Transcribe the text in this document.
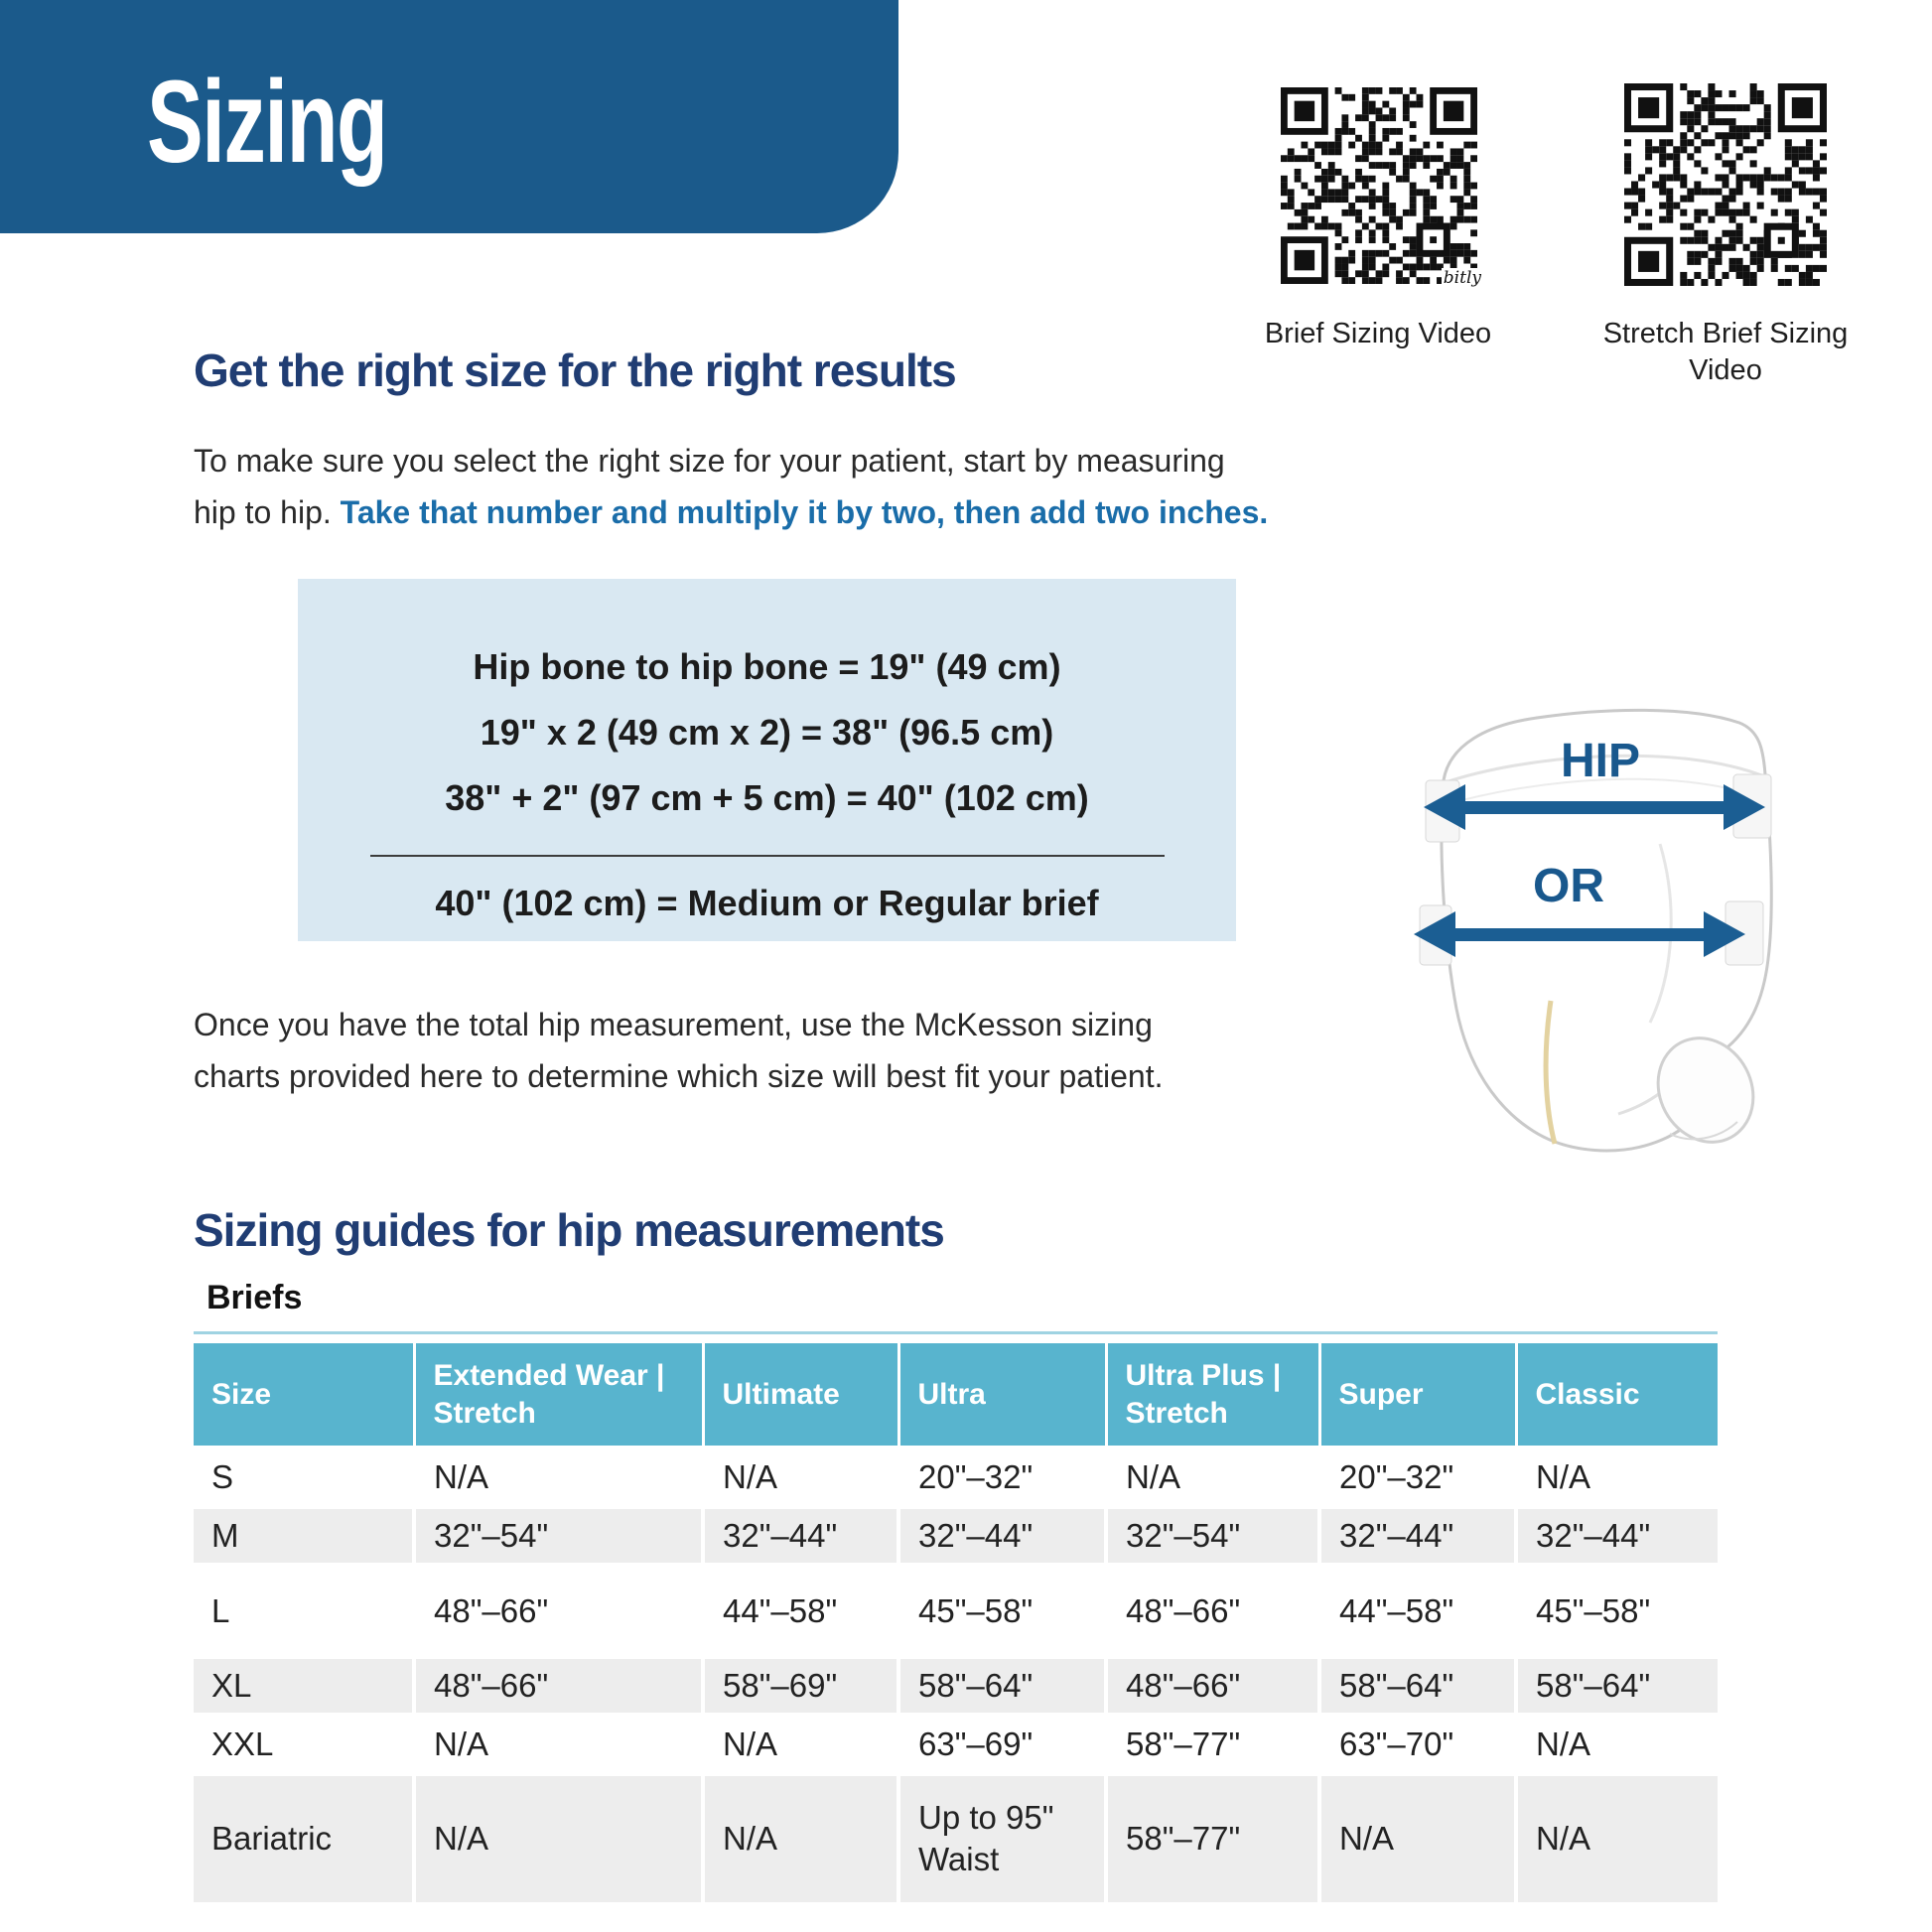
Sizing
bitly
Brief Sizing Video	Stretch Brief Sizing Video
Get the right size for the right results
To make sure you select the right size for your patient, start by measuring
hip to hip. Take that number and multiply it by two, then add two inches.
Hip bone to hip bone = 19" (49 cm)
19" x 2 (49 cm x 2) = 38" (96.5 cm)
38" + 2" (97 cm + 5 cm) = 40" (102 cm)
40" (102 cm) = Medium or Regular brief
Once you have the total hip measurement, use the McKesson sizing
charts provided here to determine which size will best fit your patient.
HIP
OR
Sizing guides for hip measurements
Briefs
Size	Extended Wear | Stretch	Ultimate	Ultra	Ultra Plus | Stretch	Super	Classic
S	N/A	N/A	20"–32"	N/A	20"–32"	N/A
M	32"–54"	32"–44"	32"–44"	32"–54"	32"–44"	32"–44"
L	48"–66"	44"–58"	45"–58"	48"–66"	44"–58"	45"–58"
XL	48"–66"	58"–69"	58"–64"	48"–66"	58"–64"	58"–64"
XXL	N/A	N/A	63"–69"	58"–77"	63"–70"	N/A
Bariatric	N/A	N/A	Up to 95" Waist	58"–77"	N/A	N/A
